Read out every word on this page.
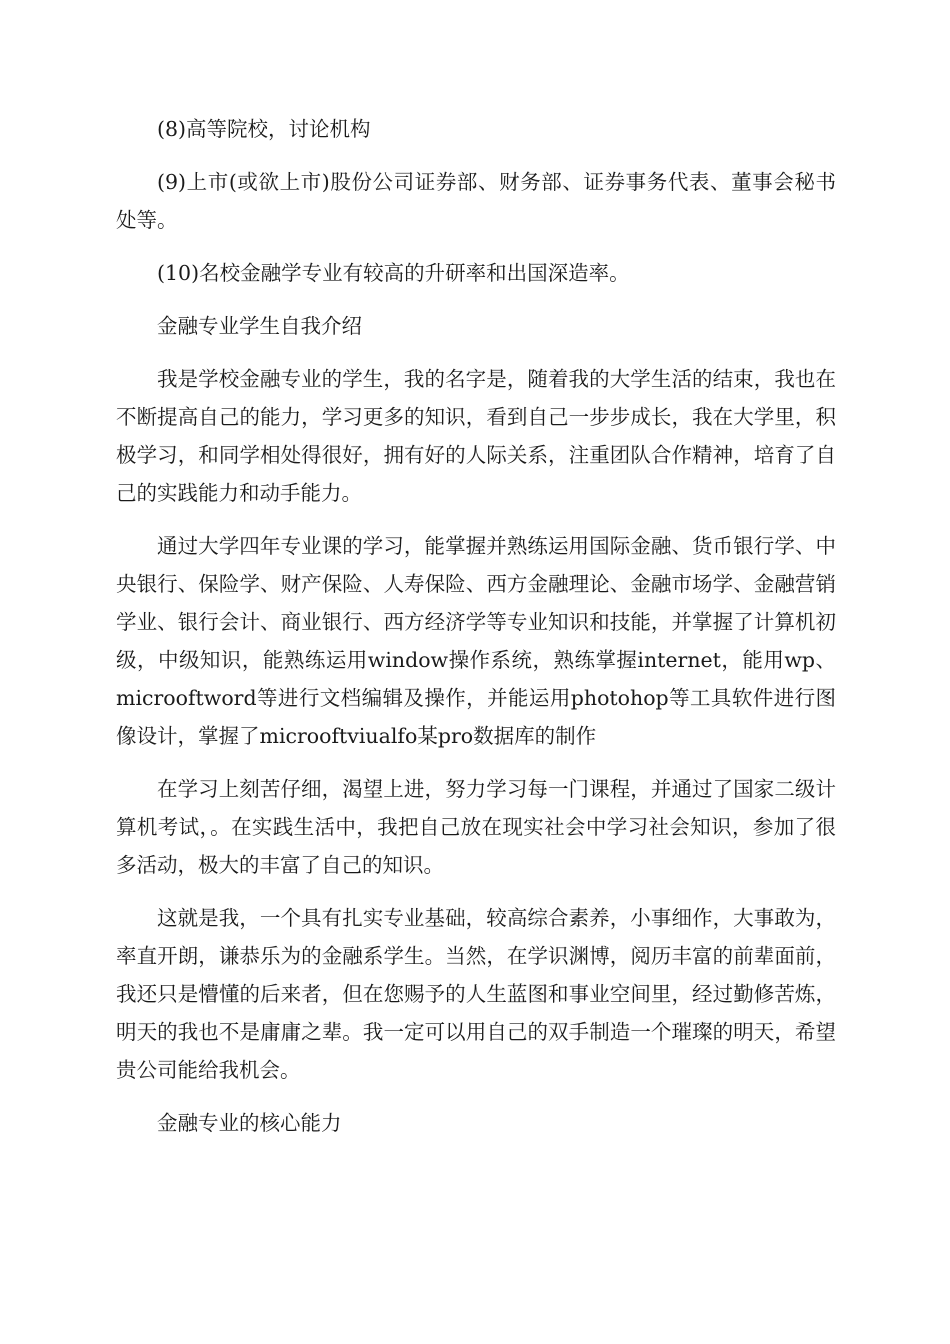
(8)高等院校，讨论机构

(9)上市(或欲上市)股份公司证券部、财务部、证券事务代表、董事会秘书处等。

(10)名校金融学专业有较高的升研率和出国深造率。

金融专业学生自我介绍

我是学校金融专业的学生，我的名字是，随着我的大学生活的结束，我也在不断提高自己的能力，学习更多的知识，看到自己一步步成长，我在大学里，积极学习，和同学相处得很好，拥有好的人际关系，注重团队合作精神，培育了自己的实践能力和动手能力。

通过大学四年专业课的学习，能掌握并熟练运用国际金融、货币银行学、中央银行、保险学、财产保险、人寿保险、西方金融理论、金融市场学、金融营销学业、银行会计、商业银行、西方经济学等专业知识和技能，并掌握了计算机初级，中级知识，能熟练运用window操作系统，熟练掌握internet，能用wp、microoftword等进行文档编辑及操作，并能运用photohop等工具软件进行图像设计，掌握了microoftviualfo某pro数据库的制作

在学习上刻苦仔细，渴望上进，努力学习每一门课程，并通过了国家二级计算机考试，。在实践生活中，我把自己放在现实社会中学习社会知识，参加了很多活动，极大的丰富了自己的知识。

这就是我，一个具有扎实专业基础，较高综合素养，小事细作，大事敢为，率直开朗，谦恭乐为的金融系学生。当然，在学识渊博，阅历丰富的前辈面前，我还只是懵懂的后来者，但在您赐予的人生蓝图和事业空间里，经过勤修苦炼，明天的我也不是庸庸之辈。我一定可以用自己的双手制造一个璀璨的明天，希望贵公司能给我机会。

金融专业的核心能力
